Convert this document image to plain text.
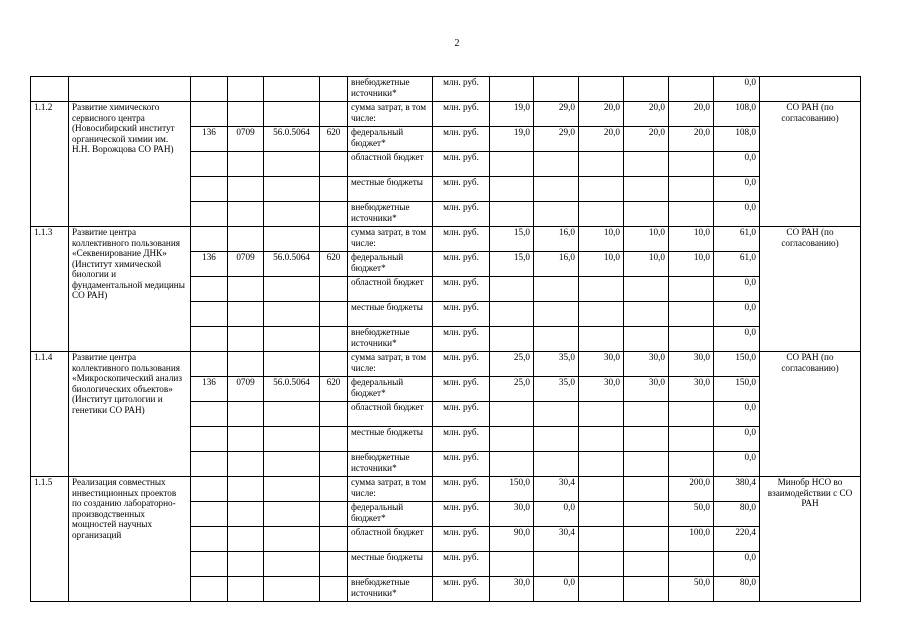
2
						внебюджетные источники*	млн. руб.						0,0	
1.1.2	Развитие химического сервисного центра (Новосибирский институт органической химии им. Н.Н. Ворожцова СО РАН)					сумма затрат, в том числе:	млн. руб.	19,0	29,0	20,0	20,0	20,0	108,0	СО РАН (по согласованию)
		136	0709	56.0.5064	620	федеральный бюджет*	млн. руб.	19,0	29,0	20,0	20,0	20,0	108,0	
						областной бюджет	млн. руб.						0,0	
						местные бюджеты	млн. руб.						0,0	
						внебюджетные источники*	млн. руб.						0,0	
1.1.3	Развитие центра коллективного пользования «Секвенирование ДНК» (Институт химической биологии и фундаментальной медицины СО РАН)					сумма затрат, в том числе:	млн. руб.	15,0	16,0	10,0	10,0	10,0	61,0	СО РАН (по согласованию)
		136	0709	56.0.5064	620	федеральный бюджет*	млн. руб.	15,0	16,0	10,0	10,0	10,0	61,0	
						областной бюджет	млн. руб.						0,0	
						местные бюджеты	млн. руб.						0,0	
						внебюджетные источники*	млн. руб.						0,0	
1.1.4	Развитие центра коллективного пользования «Микроскопический анализ биологических объектов» (Институт цитологии и генетики СО РАН)					сумма затрат, в том числе:	млн. руб.	25,0	35,0	30,0	30,0	30,0	150,0	СО РАН (по согласованию)
		136	0709	56.0.5064	620	федеральный бюджет*	млн. руб.	25,0	35,0	30,0	30,0	30,0	150,0	
						областной бюджет	млн. руб.						0,0	
						местные бюджеты	млн. руб.						0,0	
						внебюджетные источники*	млн. руб.						0,0	
1.1.5	Реализация совместных инвестиционных проектов по созданию лабораторно-производственных мощностей научных организаций					сумма затрат, в том числе:	млн. руб.	150,0	30,4			200,0	380,4	Минобр НСО во взаимодействии с СО РАН
						федеральный бюджет*	млн. руб.	30,0	0,0			50,0	80,0	
						областной бюджет	млн. руб.	90,0	30,4			100,0	220,4	
						местные бюджеты	млн. руб.						0,0	
						внебюджетные источники*	млн. руб.	30,0	0,0			50,0	80,0	
